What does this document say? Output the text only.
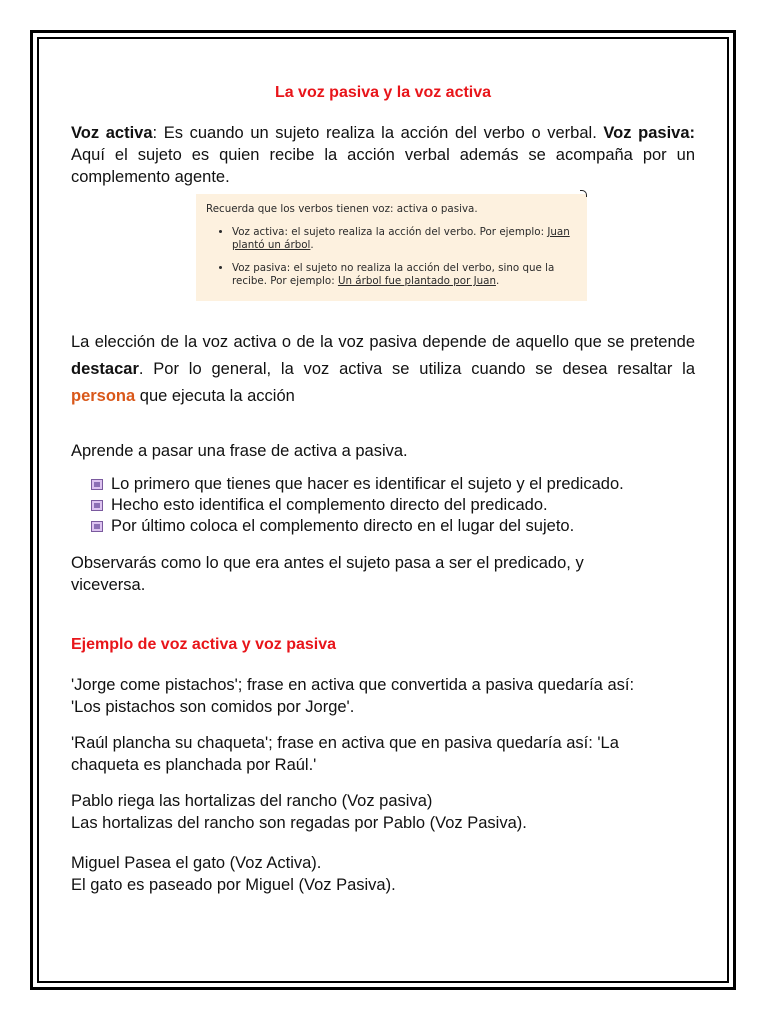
La voz pasiva y la voz activa
Voz activa: Es cuando un sujeto realiza la acción del verbo o verbal. Voz pasiva: Aquí el sujeto es quien recibe la acción verbal además se acompaña por un complemento agente.
Recuerda que los verbos tienen voz: activa o pasiva.
• Voz activa: el sujeto realiza la acción del verbo. Por ejemplo: Juan plantó un árbol.
• Voz pasiva: el sujeto no realiza la acción del verbo, sino que la recibe. Por ejemplo: Un árbol fue plantado por Juan.
La elección de la voz activa o de la voz pasiva depende de aquello que se pretende destacar. Por lo general, la voz activa se utiliza cuando se desea resaltar la persona que ejecuta la acción
Aprende a pasar una frase de activa a pasiva.
Lo primero que tienes que hacer es identificar el sujeto y el predicado.
Hecho esto identifica el complemento directo del predicado.
Por último coloca el complemento directo en el lugar del sujeto.
Observarás como lo que era antes el sujeto pasa a ser el predicado, y viceversa.
Ejemplo de voz activa y voz pasiva
'Jorge come pistachos'; frase en activa que convertida a pasiva quedaría así:
'Los pistachos son comidos por Jorge'.
'Raúl plancha su chaqueta'; frase en activa que en pasiva quedaría así: 'La
chaqueta es planchada por Raúl.'
Pablo riega las hortalizas del rancho (Voz pasiva)
Las hortalizas del rancho son regadas por Pablo (Voz Pasiva).
Miguel Pasea el gato (Voz Activa).
El gato es paseado por Miguel (Voz Pasiva).
